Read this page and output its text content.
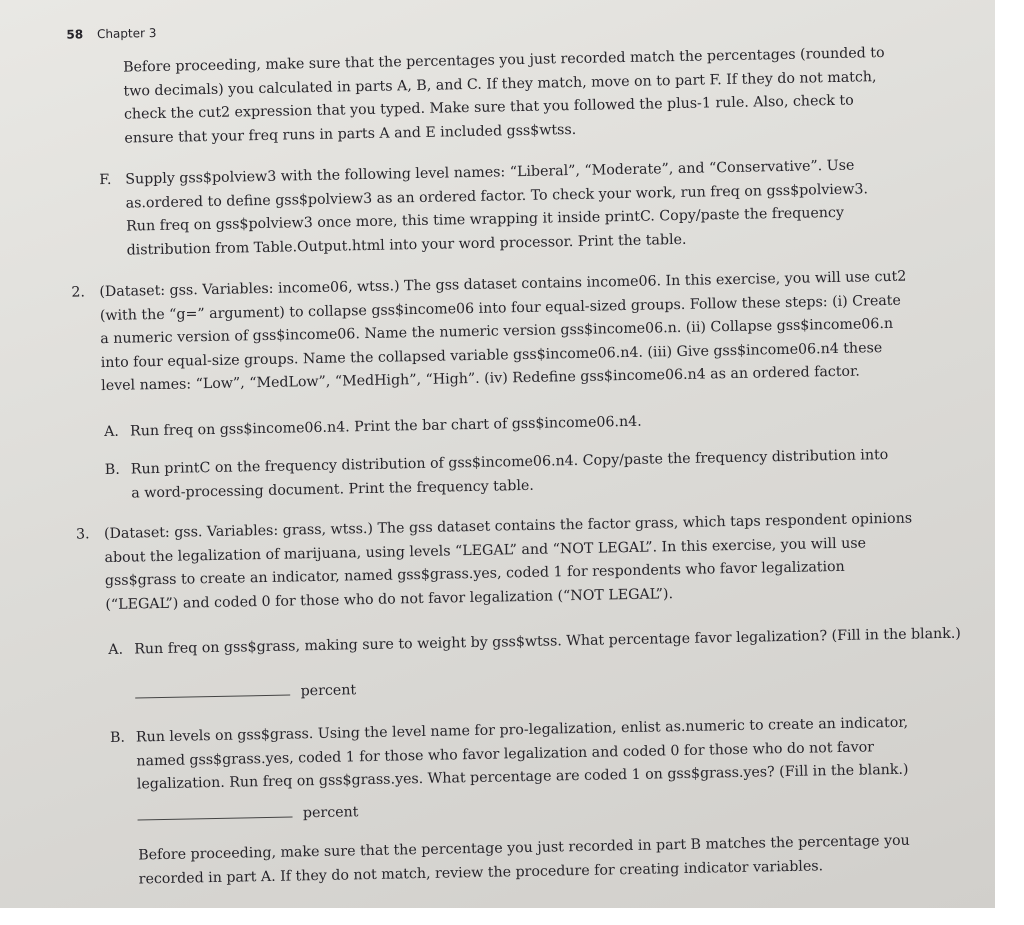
58 Chapter 3
Before proceeding, make sure that the percentages you just recorded match the percentages (rounded to
two decimals) you calculated in parts A, B, and C. If they match, move on to part F. If they do not match,
check the cut2 expression that you typed. Make sure that you followed the plus-1 rule. Also, check to
ensure that your freq runs in parts A and E included gss$wtss.
F. Supply gss$polview3 with the following level names: “Liberal”, “Moderate”, and “Conservative”. Use
as.ordered to define gss$polview3 as an ordered factor. To check your work, run freq on gss$polview3.
Run freq on gss$polview3 once more, this time wrapping it inside printC. Copy/paste the frequency
distribution from Table.Output.html into your word processor. Print the table.
2. (Dataset: gss. Variables: income06, wtss.) The gss dataset contains income06. In this exercise, you will use cut2
(with the “g=” argument) to collapse gss$income06 into four equal-sized groups. Follow these steps: (i) Create
a numeric version of gss$income06. Name the numeric version gss$income06.n. (ii) Collapse gss$income06.n
into four equal-size groups. Name the collapsed variable gss$income06.n4. (iii) Give gss$income06.n4 these
level names: “Low”, “MedLow”, “MedHigh”, “High”. (iv) Redefine gss$income06.n4 as an ordered factor.
A. Run freq on gss$income06.n4. Print the bar chart of gss$income06.n4.
B. Run printC on the frequency distribution of gss$income06.n4. Copy/paste the frequency distribution into
a word-processing document. Print the frequency table.
3. (Dataset: gss. Variables: grass, wtss.) The gss dataset contains the factor grass, which taps respondent opinions
about the legalization of marijuana, using levels “LEGAL” and “NOT LEGAL”. In this exercise, you will use
gss$grass to create an indicator, named gss$grass.yes, coded 1 for respondents who favor legalization
(“LEGAL”) and coded 0 for those who do not favor legalization (“NOT LEGAL”).
A. Run freq on gss$grass, making sure to weight by gss$wtss. What percentage favor legalization? (Fill in the blank.)
percent
B. Run levels on gss$grass. Using the level name for pro-legalization, enlist as.numeric to create an indicator,
named gss$grass.yes, coded 1 for those who favor legalization and coded 0 for those who do not favor
legalization. Run freq on gss$grass.yes. What percentage are coded 1 on gss$grass.yes? (Fill in the blank.)
percent
Before proceeding, make sure that the percentage you just recorded in part B matches the percentage you
recorded in part A. If they do not match, review the procedure for creating indicator variables.
